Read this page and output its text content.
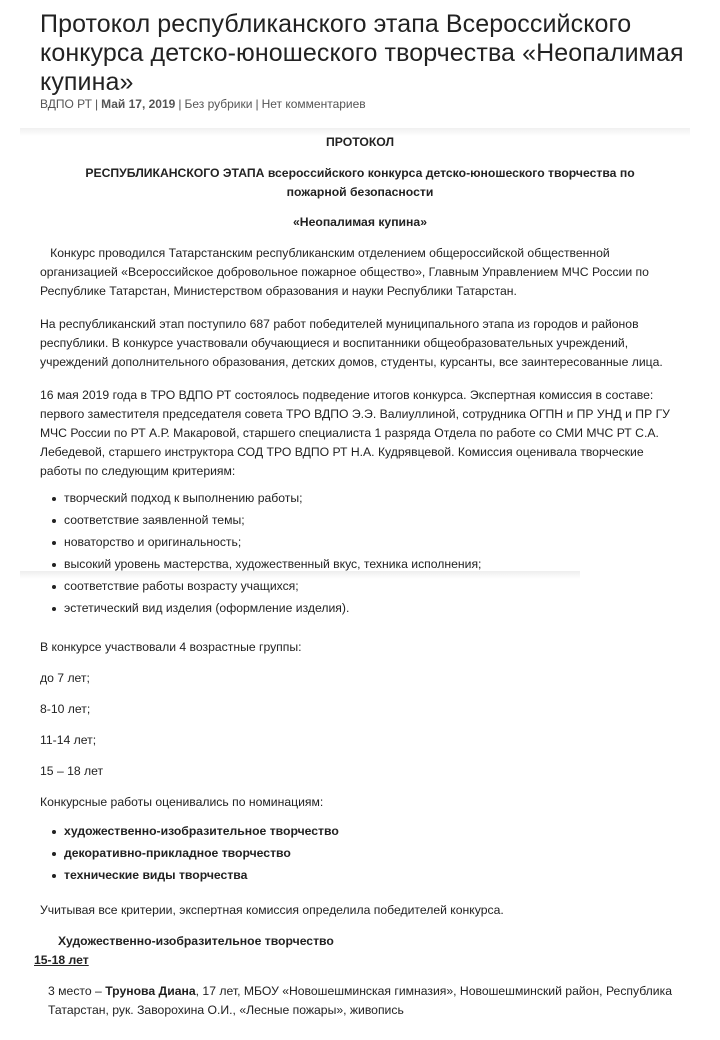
Протокол республиканского этапа Всероссийского конкурса детско-юношеского творчества «Неопалимая купина»
ВДПО РТ | Май 17, 2019 | Без рубрики | Нет комментариев

ПРОТОКОЛ

РЕСПУБЛИКАНСКОГО ЭТАПА всероссийского конкурса детско-юношеского творчества по пожарной безопасности

«Неопалимая купина»

Конкурс проводился Татарстанским республиканским отделением общероссийской общественной организацией «Всероссийское добровольное пожарное общество», Главным Управлением МЧС России по Республике Татарстан, Министерством образования и науки Республики Татарстан.

На республиканский этап поступило 687 работ победителей муниципального этапа из городов и районов республики. В конкурсе участвовали обучающиеся и воспитанники общеобразовательных учреждений, учреждений дополнительного образования, детских домов, студенты, курсанты, все заинтересованные лица.

16 мая 2019 года в ТРО ВДПО РТ состоялось подведение итогов конкурса. Экспертная комиссия в составе: первого заместителя председателя совета ТРО ВДПО Э.Э. Валиуллиной, сотрудника ОГПН и ПР УНД и ПР ГУ МЧС России по РТ А.Р. Макаровой, старшего специалиста 1 разряда Отдела по работе со СМИ МЧС РТ С.А. Лебедевой, старшего инструктора СОД ТРО ВДПО РТ Н.А. Кудрявцевой. Комиссия оценивала творческие работы по следующим критериям:

творческий подход к выполнению работы;
соответствие заявленной темы;
новаторство и оригинальность;
высокий уровень мастерства, художественный вкус, техника исполнения;
соответствие работы возрасту учащихся;
эстетический вид изделия (оформление изделия).

В конкурсе участвовали 4 возрастные группы:

до 7 лет;

8-10 лет;

11-14 лет;

15 – 18 лет

Конкурсные работы оценивались по номинациям:

художественно-изобразительное творчество
декоративно-прикладное творчество
технические виды творчества

Учитывая все критерии, экспертная комиссия определила победителей конкурса.

Художественно-изобразительное творчество

15-18 лет

3 место – Трунова Диана, 17 лет, МБОУ «Новошешминская гимназия», Новошешминский район, Республика Татарстан, рук. Заворохина О.И., «Лесные пожары», живопись
